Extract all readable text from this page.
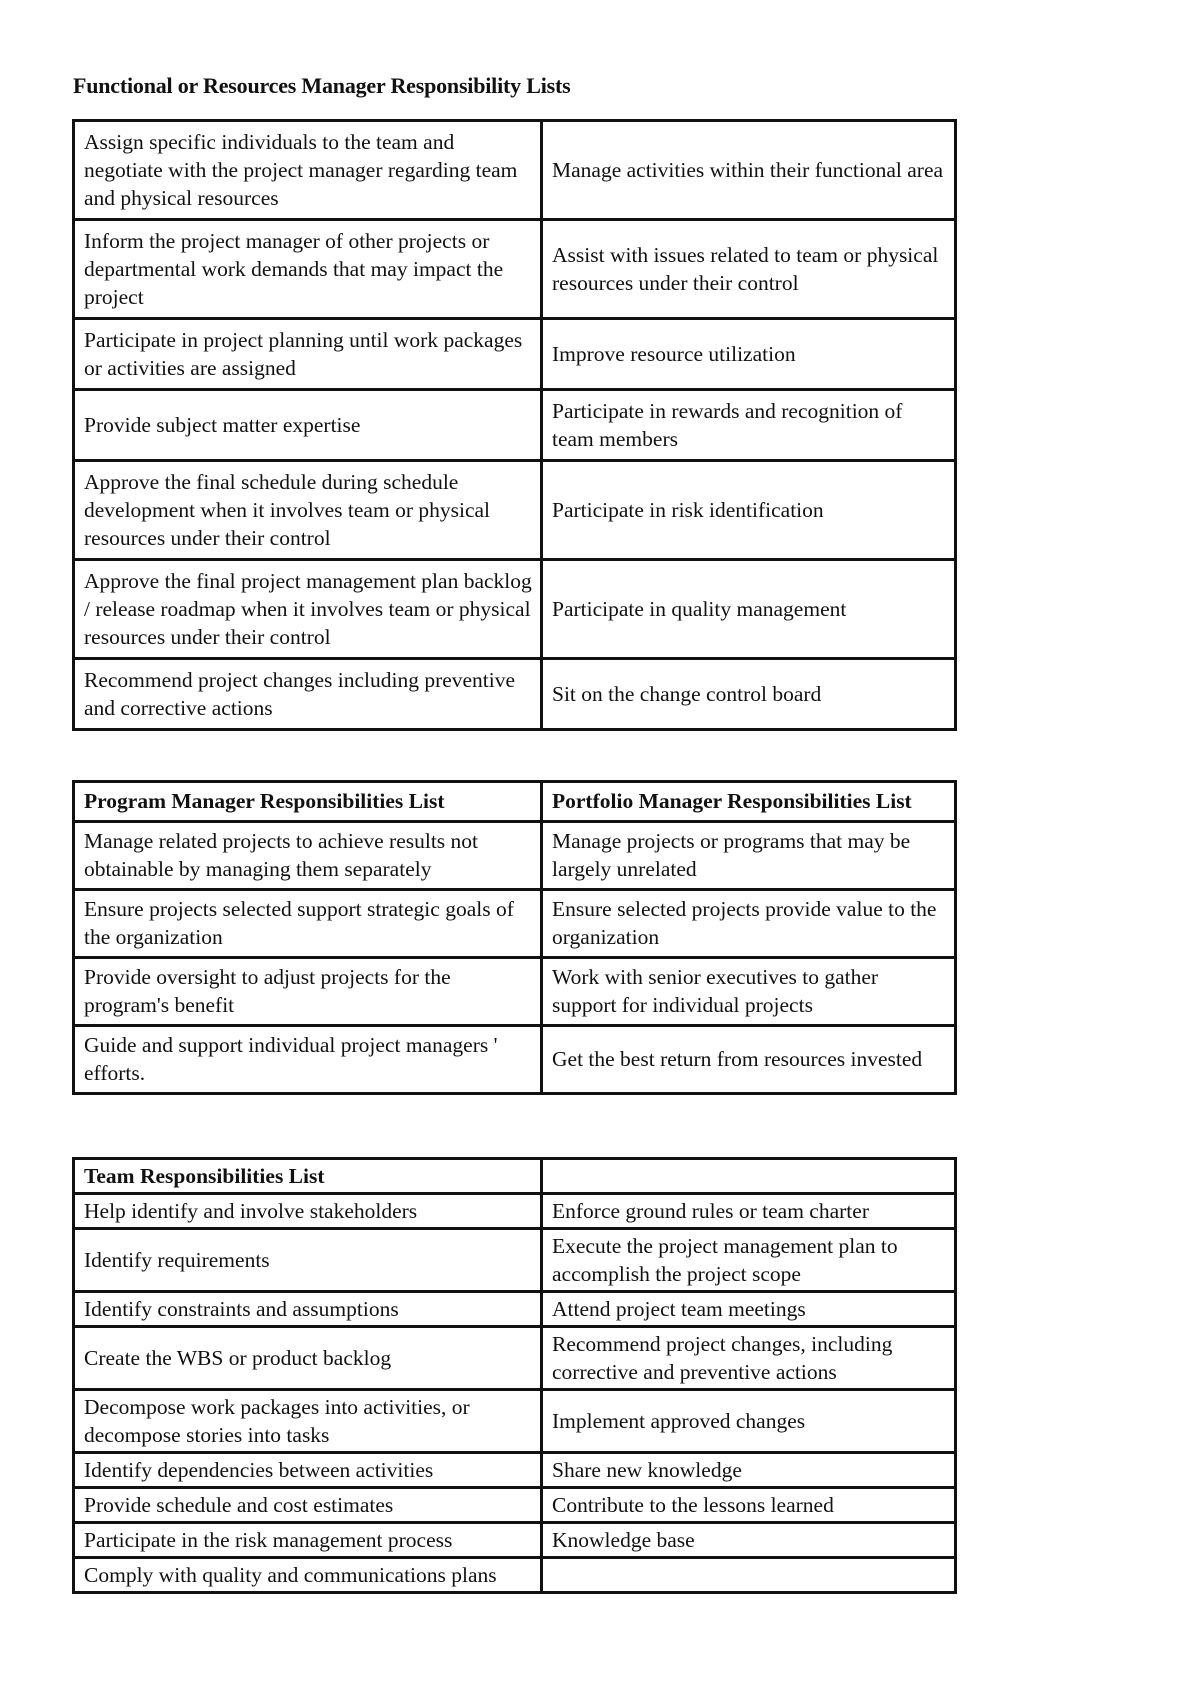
Functional or Resources Manager Responsibility Lists
Assign specific individuals to the team and negotiate with the project manager regarding team and physical resources	Manage activities within their functional area
Inform the project manager of other projects or departmental work demands that may impact the project	Assist with issues related to team or physical resources under their control
Participate in project planning until work packages or activities are assigned	Improve resource utilization
Provide subject matter expertise	Participate in rewards and recognition of team members
Approve the final schedule during schedule development when it involves team or physical resources under their control	Participate in risk identification
Approve the final project management plan backlog / release roadmap when it involves team or physical resources under their control	Participate in quality management
Recommend project changes including preventive and corrective actions	Sit on the change control board
Program Manager Responsibilities List	Portfolio Manager Responsibilities List
Manage related projects to achieve results not obtainable by managing them separately	Manage projects or programs that may be largely unrelated
Ensure projects selected support strategic goals of the organization	Ensure selected projects provide value to the organization
Provide oversight to adjust projects for the program's benefit	Work with senior executives to gather support for individual projects
Guide and support individual project managers ' efforts.	Get the best return from resources invested
Team Responsibilities List	
Help identify and involve stakeholders	Enforce ground rules or team charter
Identify requirements	Execute the project management plan to accomplish the project scope
Identify constraints and assumptions	Attend project team meetings
Create the WBS or product backlog	Recommend project changes, including corrective and preventive actions
Decompose work packages into activities, or decompose stories into tasks	Implement approved changes
Identify dependencies between activities	Share new knowledge
Provide schedule and cost estimates	Contribute to the lessons learned
Participate in the risk management process	Knowledge base
Comply with quality and communications plans	
